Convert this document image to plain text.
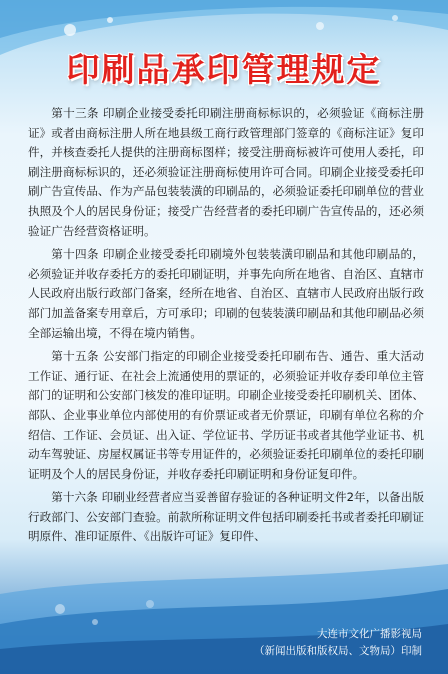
印刷品承印管理规定

第十三条 印刷企业接受委托印刷注册商标标识的，必须验证《商标注册证》或者由商标注册人所在地县级工商行政管理部门签章的《商标注证》复印件，并核查委托人提供的注册商标图样；接受注册商标被许可使用人委托，印刷注册商标标识的，还必须验证注册商标使用许可合同。印刷企业接受委托印刷广告宣传品、作为产品包装装潢的印刷品的，必须验证委托印刷单位的营业执照及个人的居民身份证；接受广告经营者的委托印刷广告宣传品的，还必须验证广告经营资格证明。

第十四条 印刷企业接受委托印刷境外包装装潢印刷品和其他印刷品的，必须验证并收存委托方的委托印刷证明，并事先向所在地省、自治区、直辖市人民政府出版行政部门备案，经所在地省、自治区、直辖市人民政府出版行政部门加盖备案专用章后，方可承印；印刷的包装装潢印刷品和其他印刷品必须全部运输出境，不得在境内销售。

第十五条 公安部门指定的印刷企业接受委托印刷布告、通告、重大活动工作证、通行证、在社会上流通使用的票证的，必须验证并收存委印单位主管部门的证明和公安部门核发的准印证明。印刷企业接受委托印刷机关、团体、部队、企业事业单位内部使用的有价票证或者无价票证，印刷有单位名称的介绍信、工作证、会员证、出入证、学位证书、学历证书或者其他学业证书、机动车驾驶证、房屋权属证书等专用证件的，必须验证委托印刷单位的委托印刷证明及个人的居民身份证，并收存委托印刷证明和身份证复印件。

第十六条 印刷业经营者应当妥善留存验证的各种证明文件2年，以备出版行政部门、公安部门查验。前款所称证明文件包括印刷委托书或者委托印刷证明原件、准印证原件、《出版许可证》复印件、

大连市文化广播影视局
（新闻出版和版权局、文物局）印制
